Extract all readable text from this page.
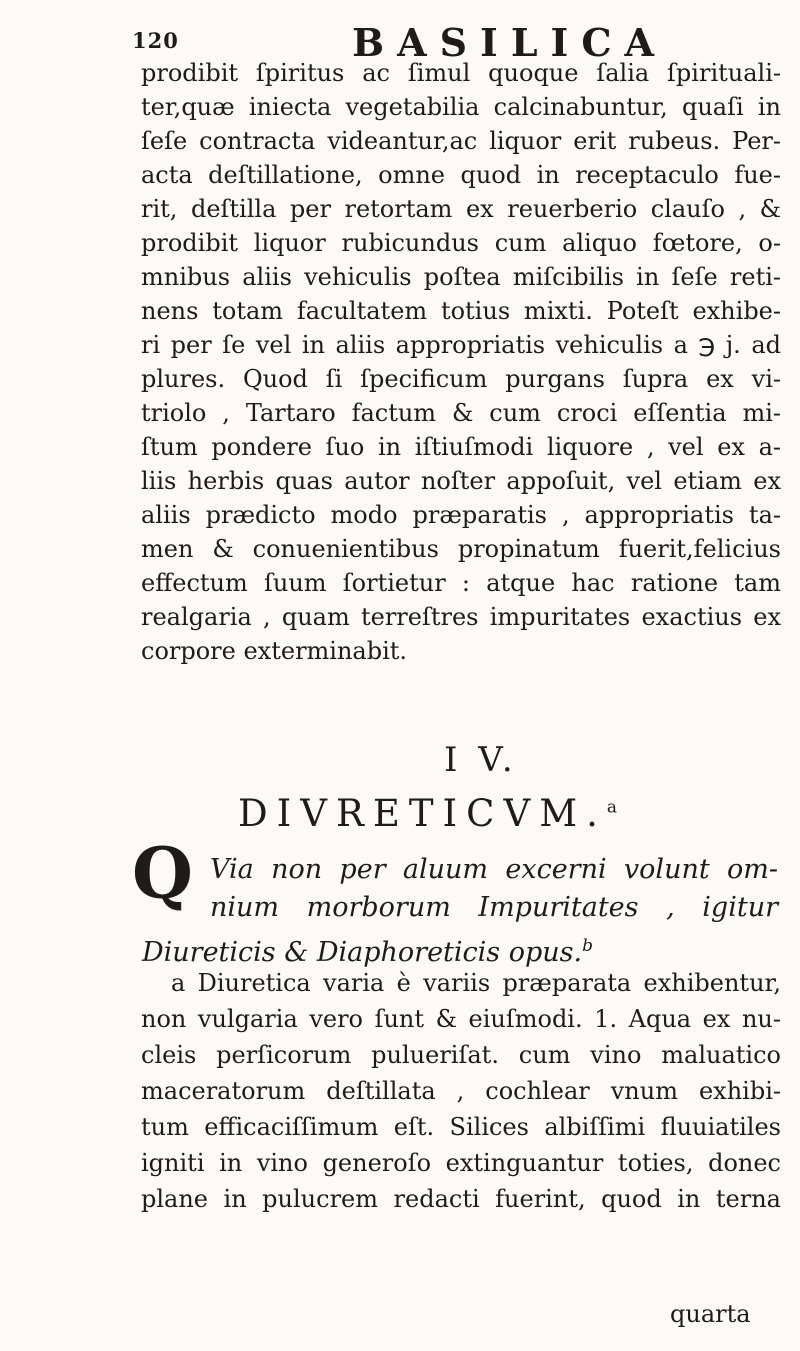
120	BASILICA
prodibit ſpiritus ac ſimul quoque ſalia ſpirituali-
ter,quæ iniecta vegetabilia calcinabuntur, quaſi in
ſeſe contracta videantur,ac liquor erit rubeus. Per-
acta deſtillatione, omne quod in receptaculo fue-
rit, deſtilla per retortam ex reuerberio clauſo , &
prodibit liquor rubicundus cum aliquo fœtore, o-
mnibus aliis vehiculis poſtea miſcibilis in ſeſe reti-
nens totam facultatem totius mixti. Poteſt exhibe-
ri per ſe vel in aliis appropriatis vehiculis a ℈ j. ad
plures. Quod ſi ſpecificum purgans ſupra ex vi-
triolo , Tartaro factum & cum croci eſſentia mi-
ſtum pondere ſuo in iſtiuſmodi liquore , vel ex a-
liis herbis quas autor noſter appoſuit, vel etiam ex
aliis prædicto modo præparatis , appropriatis ta-
men & conuenientibus propinatum fuerit,felicius
effectum ſuum ſortietur : atque hac ratione tam
realgaria , quam terreſtres impuritates exactius ex
corpore exterminabit.
I V.
DIVRETICVM.$^a$
Q Via non per aluum excerni volunt om-
nium morborum Impuritates , igitur
Diureticis & Diaphoreticis opus.$^b$
a Diuretica varia è variis præparata exhibentur,
non vulgaria vero ſunt & eiuſmodi. 1. Aqua ex nu-
cleis perſicorum pulueriſat. cum vino maluatico
maceratorum deſtillata , cochlear vnum exhibi-
tum efficaciſſimum eſt. Silices albiſſimi fluuiatiles
igniti in vino generoſo extinguantur toties, donec
plane in pulucrem redacti fuerint, quod in terna
quarta
